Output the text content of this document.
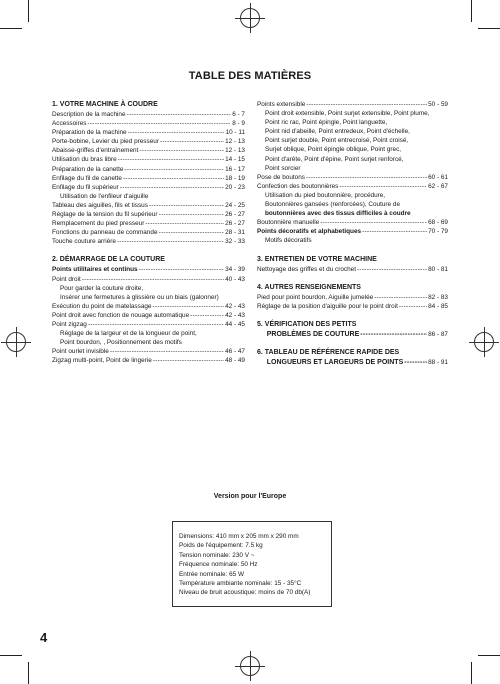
TABLE DES MATIÈRES
1. VOTRE MACHINE À COUDRE
Description de la machine -----	6 - 7
Accessoires -----	8 - 9
Préparation de la machine -----	10 - 11
Porte-bobine, Levier du pied presseur -----	12 - 13
Abaisse-griffes d'entraînement -----	12 - 13
Utilisation du bras libre -----	14 - 15
Préparation de la canette -----	16 - 17
Enfilage du fil de canette -----	18 - 19
Enfilage du fil supérieur -----	20 - 23
Utilisation de l'enfileur d'aiguille
Tableau des aiguilles, fils et tissus -----	24 - 25
Réglage de la tension du fil supérieur -----	26 - 27
Remplacement du pied presseur -----	26 - 27
Fonctions du panneau de commande -----	28 - 31
Touche couture arrière -----	32 - 33
2. DÉMARRAGE DE LA COUTURE
Points utilitaires et continus -----	34 - 39
Point droit -----	40 - 43
Pour garder la couture droite,
Insérer une fermetures à glissière ou un biais (galonner)
Exécution du point de matelassage -----	42 - 43
Point droit avec fonction de nouage automatique -----	42 - 43
Point zigzag -----	44 - 45
Réglage de la largeur et de la longueur de point,
Point bourdon, , Positionnement des motifs
Point ourlet invisible -----	46 - 47
Zigzag multi-point, Point de lingerie -----	48 - 49
Points extensible -----	50 - 59
Point droit extensible, Point surjet extensible, Point plume,
Point ric rac, Point épingle, Point languette,
Point nid d'abeille, Point entredeux, Point d'échelle,
Point surjet double, Point entrecroisé, Point croisé,
Surjet oblique, Point épingle oblique, Point grec,
Point d'arête, Point d'épine, Point surjet renforcé,
Point sorcier
Pose de boutons -----	60 - 61
Confection des boutonnières -----	62 - 67
Utilisation du pied boutonnière, procédure,
Boutonnières gansées (renforcées), Couture de
boutonnières avec des tissus difficiles à coudre
Boutonnière manuelle -----	68 - 69
Points décoratifs et alphabetiques -----	70 - 79
Motifs décoratifs
3. ENTRETIEN DE VOTRE MACHINE
Nettoyage des griffes et du crochet -----	80 - 81
4. AUTRES RENSEIGNEMENTS
Pied pour point bourdon, Aiguille jumelée -----	82 - 83
Réglage de la position d'aiguille pour le point droit -----	84 - 85
5. VÉRIFICATION DES PETITS
PROBLÈMES DE COUTURE -----	86 - 87
6. TABLEAU DE RÉFÉRENCE RAPIDE DES
LONGUEURS ET LARGEURS DE POINTS -----	88 - 91
Version pour l'Europe
Dimensions: 410 mm x 205 mm x 290 mm
Poids de l'équipement: 7.5 kg
Tension nominale: 230 V ~
Fréquence nominale: 50 Hz
Entrée nominale: 65 W
Température ambiante nominale: 15 - 35°C
Niveau de bruit acoustique: moins de 70 db(A)
4
